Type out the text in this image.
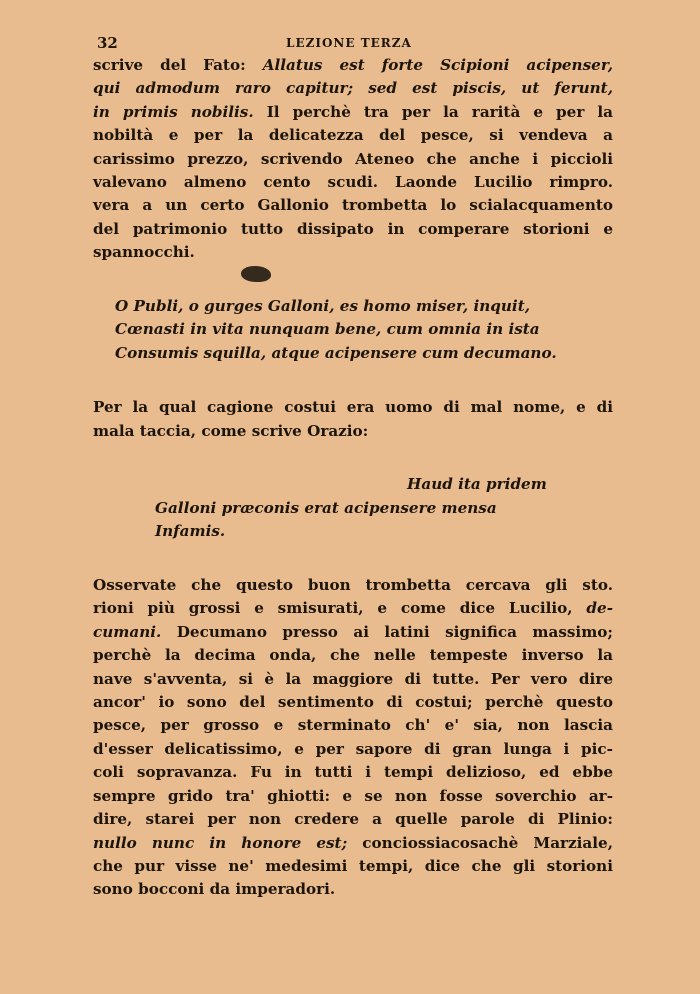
32	LEZIONE TERZA
scrive del Fato: Allatus est forte Scipioni acipenser,
qui admodum raro capitur; sed est piscis, ut ferunt,
in primis nobilis. Il perchè tra per la rarità e per la
nobiltà e per la delicatezza del pesce, si vendeva a
carissimo prezzo, scrivendo Ateneo che anche i piccioli
valevano almeno cento scudi. Laonde Lucilio rimpro.
vera a un certo Gallonio trombetta lo scialacquamento
del patrimonio tutto dissipato in comperare storioni e
spannocchi.
O Publi, o gurges Galloni, es homo miser, inquit,
Cœnasti in vita nunquam bene, cum omnia in ista
Consumis squilla, atque acipensere cum decumano.
Per la qual cagione costui era uomo di mal nome, e di
mala taccia, come scrive Orazio:
Haud ita pridem
Galloni præconis erat acipensere mensa
Infamis.
Osservate che questo buon trombetta cercava gli sto.
rioni più grossi e smisurati, e come dice Lucilio, de-
cumani. Decumano presso ai latini significa massimo;
perchè la decima onda, che nelle tempeste inverso la
nave s'avventa, si è la maggiore di tutte. Per vero dire
ancor' io sono del sentimento di costui; perchè questo
pesce, per grosso e sterminato ch' e' sia, non lascia
d'esser delicatissimo, e per sapore di gran lunga i pic-
coli sopravanza. Fu in tutti i tempi delizioso, ed ebbe
sempre grido tra' ghiotti: e se non fosse soverchio ar-
dire, starei per non credere a quelle parole di Plinio:
nullo nunc in honore est; conciossiacosachè Marziale,
che pur visse ne' medesimi tempi, dice che gli storioni
sono bocconi da imperadori.
